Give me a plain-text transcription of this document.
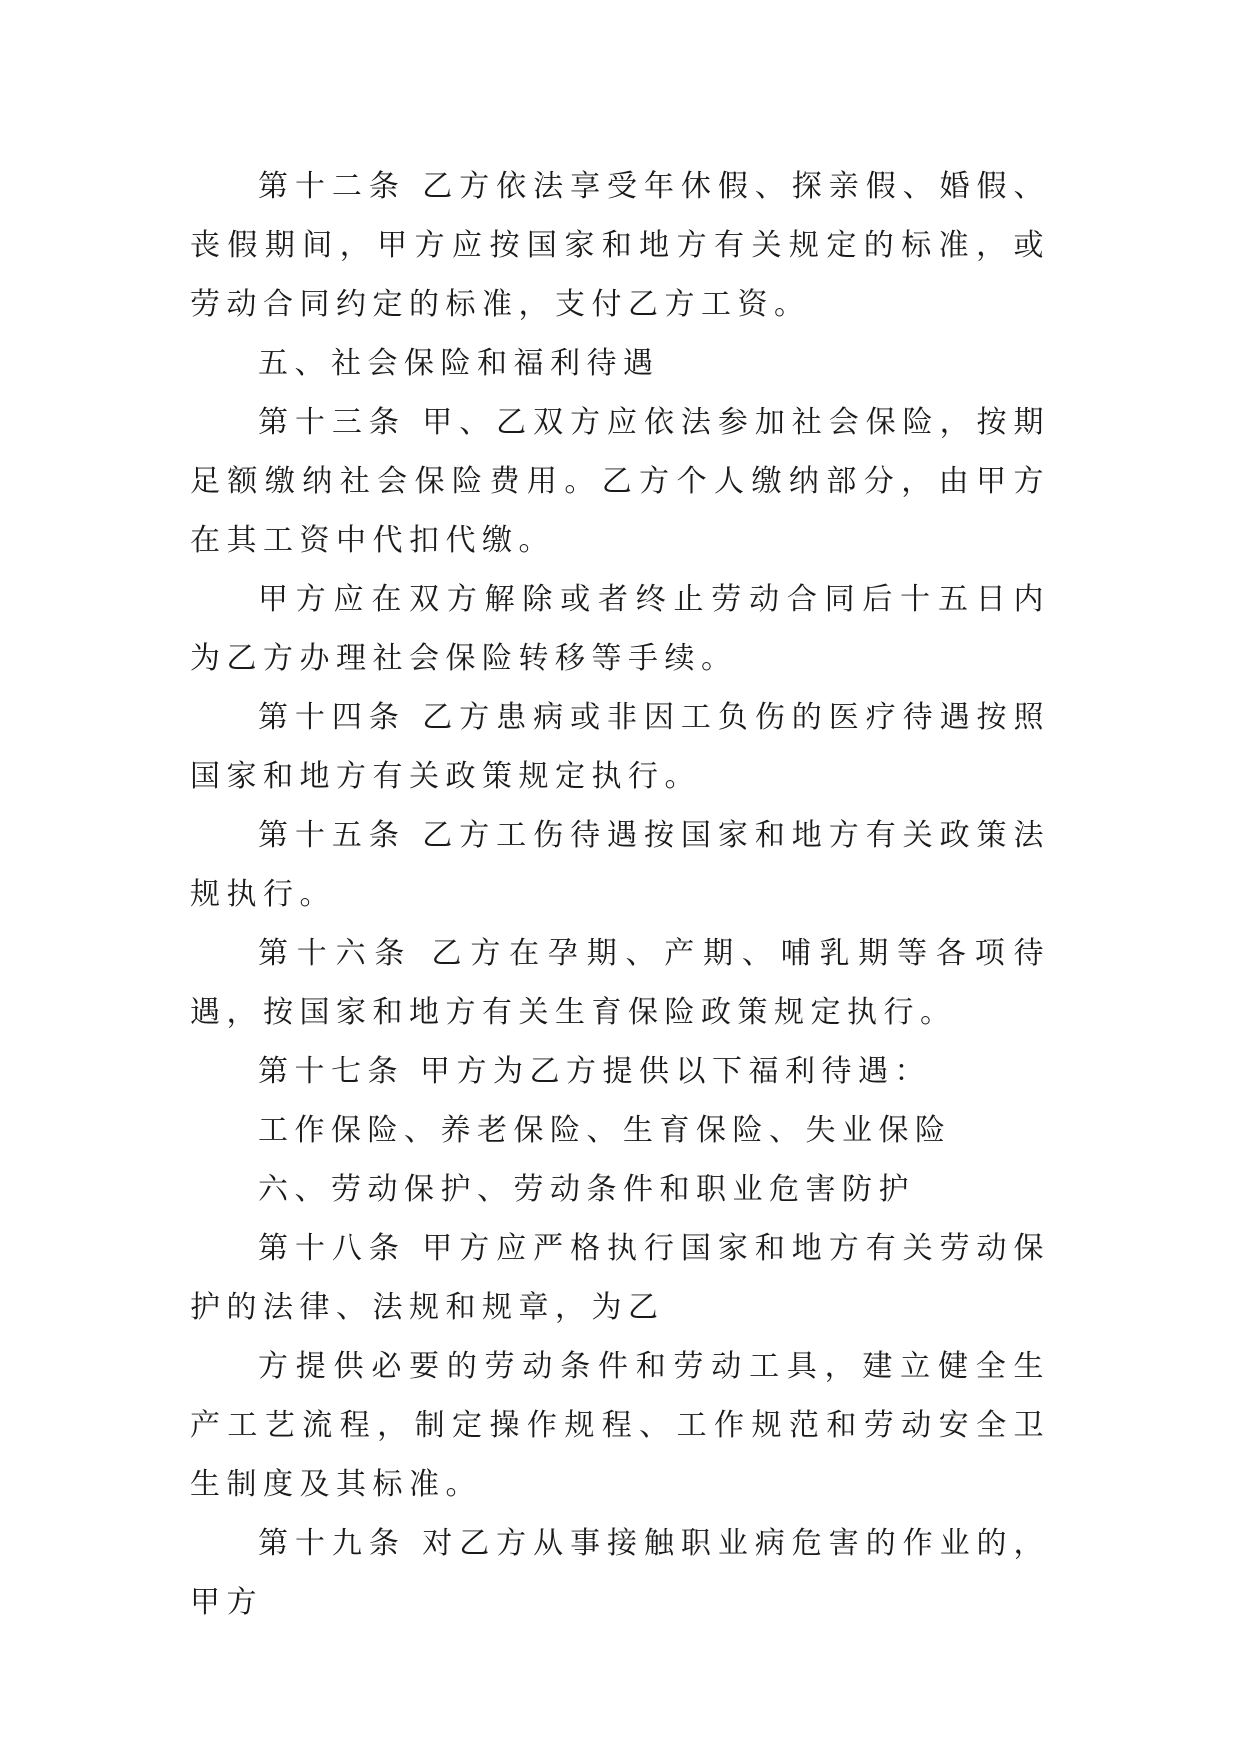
第十二条 乙方依法享受年休假、探亲假、婚假、丧假期间，甲方应按国家和地方有关规定的标准，或劳动合同约定的标准，支付乙方工资。

五、社会保险和福利待遇

第十三条 甲、乙双方应依法参加社会保险，按期足额缴纳社会保险费用。乙方个人缴纳部分，由甲方在其工资中代扣代缴。

甲方应在双方解除或者终止劳动合同后十五日内为乙方办理社会保险转移等手续。

第十四条 乙方患病或非因工负伤的医疗待遇按照国家和地方有关政策规定执行。

第十五条 乙方工伤待遇按国家和地方有关政策法规执行。

第十六条 乙方在孕期、产期、哺乳期等各项待遇，按国家和地方有关生育保险政策规定执行。

第十七条 甲方为乙方提供以下福利待遇：

工作保险、养老保险、生育保险、失业保险

六、劳动保护、劳动条件和职业危害防护

第十八条 甲方应严格执行国家和地方有关劳动保护的法律、法规和规章，为乙

方提供必要的劳动条件和劳动工具，建立健全生产工艺流程，制定操作规程、工作规范和劳动安全卫生制度及其标准。

第十九条 对乙方从事接触职业病危害的作业的，甲方
